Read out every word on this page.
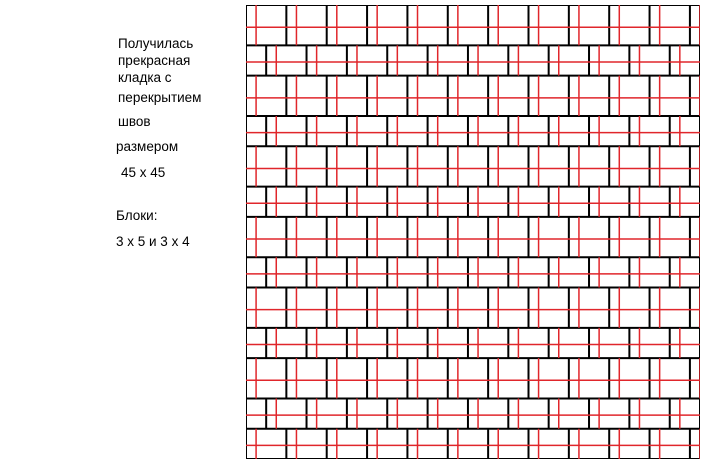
Получилась
прекрасная
кладка с
перекрытием
швов
размером
45 x 45
Блоки:
3 x 5 и 3 x 4
